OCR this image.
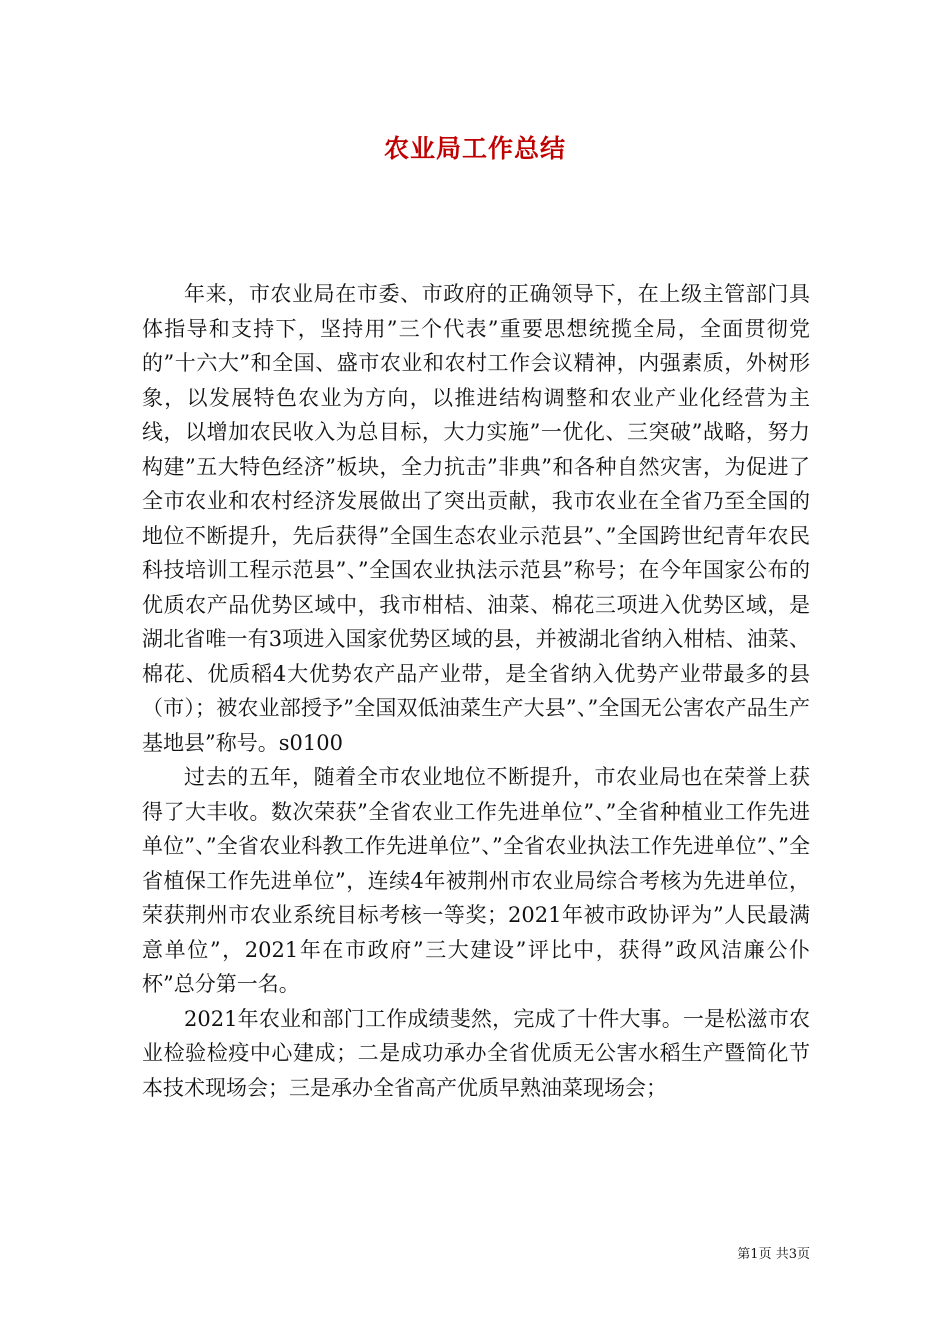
农业局工作总结

年来，市农业局在市委、市政府的正确领导下，在上级主管部门具体指导和支持下，坚持用”三个代表”重要思想统揽全局，全面贯彻党的”十六大”和全国、盛市农业和农村工作会议精神，内强素质，外树形象，以发展特色农业为方向，以推进结构调整和农业产业化经营为主线，以增加农民收入为总目标，大力实施”一优化、三突破”战略，努力构建”五大特色经济”板块，全力抗击”非典”和各种自然灾害，为促进了全市农业和农村经济发展做出了突出贡献，我市农业在全省乃至全国的地位不断提升，先后获得”全国生态农业示范县”、”全国跨世纪青年农民科技培训工程示范县”、”全国农业执法示范县”称号；在今年国家公布的优质农产品优势区域中，我市柑桔、油菜、棉花三项进入优势区域，是湖北省唯一有3项进入国家优势区域的县，并被湖北省纳入柑桔、油菜、棉花、优质稻4大优势农产品产业带，是全省纳入优势产业带最多的县（市）；被农业部授予”全国双低油菜生产大县”、”全国无公害农产品生产基地县”称号。s0100

过去的五年，随着全市农业地位不断提升，市农业局也在荣誉上获得了大丰收。数次荣获”全省农业工作先进单位”、”全省种植业工作先进单位”、”全省农业科教工作先进单位”、”全省农业执法工作先进单位”、”全省植保工作先进单位”，连续4年被荆州市农业局综合考核为先进单位，荣获荆州市农业系统目标考核一等奖；2021年被市政协评为”人民最满意单位”，2021年在市政府”三大建设”评比中，获得”政风洁廉公仆杯”总分第一名。

2021年农业和部门工作成绩斐然，完成了十件大事。一是松滋市农业检验检疫中心建成；二是成功承办全省优质无公害水稻生产暨简化节本技术现场会；三是承办全省高产优质早熟油菜现场会；

第1页 共3页
